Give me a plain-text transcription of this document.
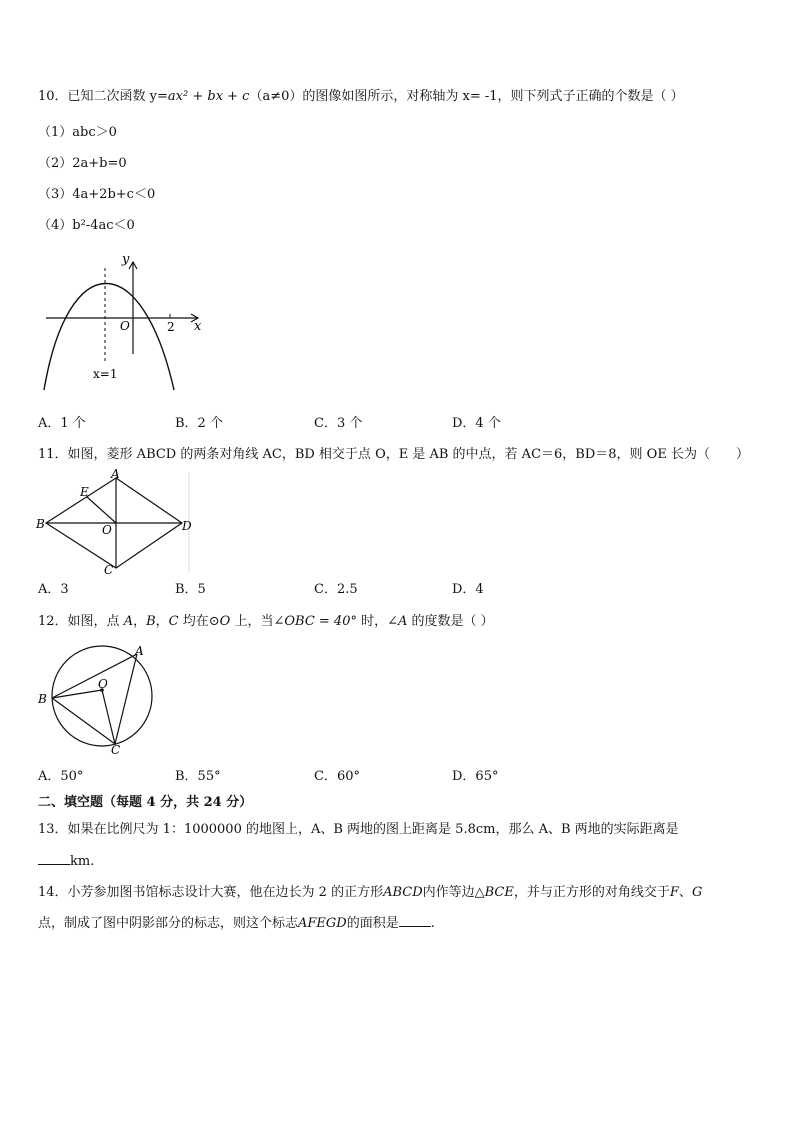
10．已知二次函数 y=ax² + bx + c（a≠0）的图像如图所示，对称轴为 x= -1，则下列式子正确的个数是（ ）
（1）abc＞0
（2）2a+b=0
（3）4a+2b+c＜0
（4）b²-4ac＜0
y
x
O	2
x=1
A．1 个	B．2 个	C．3 个	D．4 个
11．如图，菱形 ABCD 的两条对角线 AC，BD 相交于点 O，E 是 AB 的中点，若 AC＝6，BD＝8，则 OE 长为（　　）
A
B
C
D
E
O
A．3	B．5	C．2.5	D．4
12．如图，点 A，B，C 均在⊙O 上，当∠OBC = 40° 时，∠A 的度数是（ ）
A
B
C
O
A．50°	B．55°	C．60°	D．65°
二、填空题（每题 4 分，共 24 分）
13．如果在比例尺为 1：1000000 的地图上，A、B 两地的图上距离是 5.8cm，那么 A、B 两地的实际距离是
km.
14．小芳参加图书馆标志设计大赛，他在边长为 2 的正方形ABCD内作等边△BCE，并与正方形的对角线交于F、G
点，制成了图中阴影部分的标志，则这个标志AFEGD的面积是 .
